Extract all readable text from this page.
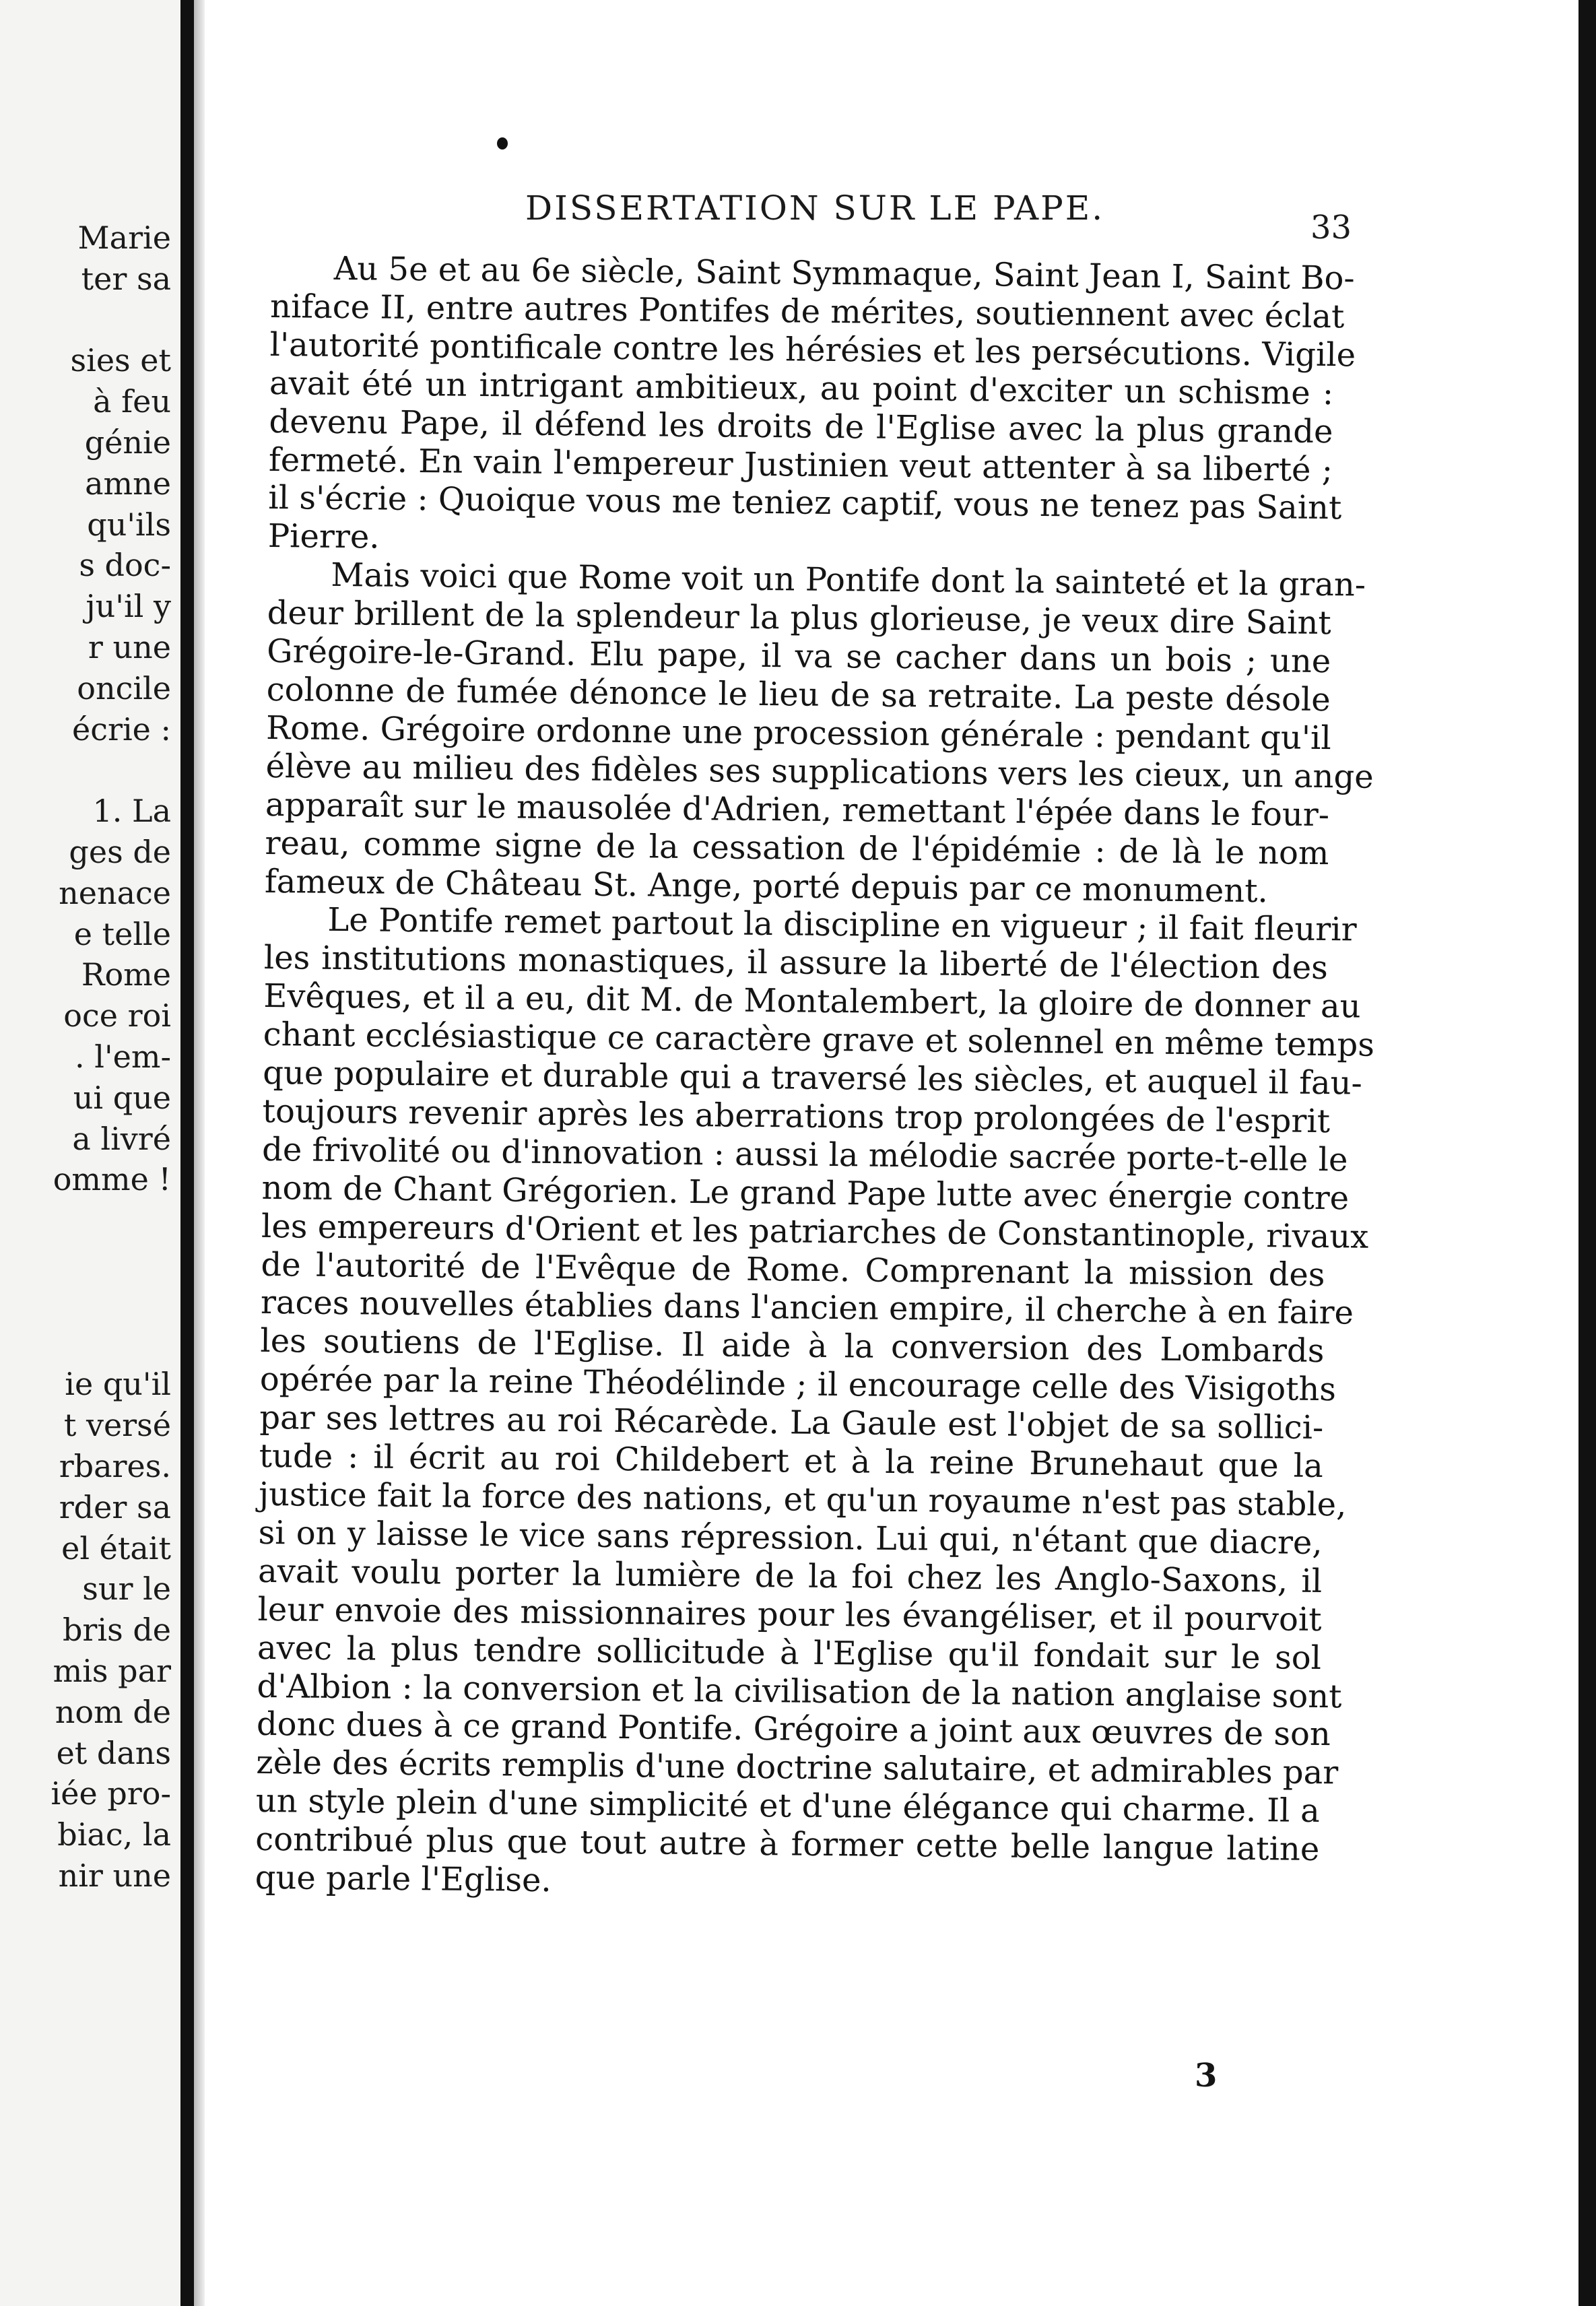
Marie
ter sa
sies et
à feu
génie
amne
qu'ils
s doc-
ju'il y
r une
oncile
écrie :
1. La
ges de
nenace
e telle
Rome
oce roi
. l'em-
ui que
a livré
omme !
ie qu'il
t versé
rbares.
rder sa
el était
sur le
bris de
mis par
nom de
et dans
iée pro-
biac, la
nir une
DISSERTATION SUR LE PAPE.	33

Au 5e et au 6e siècle, Saint Symmaque, Saint Jean I, Saint Bo-
niface II, entre autres Pontifes de mérites, soutiennent avec éclat
l'autorité pontificale contre les hérésies et les persécutions. Vigile
avait été un intrigant ambitieux, au point d'exciter un schisme :
devenu Pape, il défend les droits de l'Eglise avec la plus grande
fermeté. En vain l'empereur Justinien veut attenter à sa liberté ;
il s'écrie : Quoique vous me teniez captif, vous ne tenez pas Saint
Pierre.

Mais voici que Rome voit un Pontife dont la sainteté et la gran-
deur brillent de la splendeur la plus glorieuse, je veux dire Saint
Grégoire-le-Grand. Elu pape, il va se cacher dans un bois ; une
colonne de fumée dénonce le lieu de sa retraite. La peste désole
Rome. Grégoire ordonne une procession générale : pendant qu'il
élève au milieu des fidèles ses supplications vers les cieux, un ange
apparaît sur le mausolée d'Adrien, remettant l'épée dans le four-
reau, comme signe de la cessation de l'épidémie : de là le nom
fameux de Château St. Ange, porté depuis par ce monument.

Le Pontife remet partout la discipline en vigueur ; il fait fleurir
les institutions monastiques, il assure la liberté de l'élection des
Evêques, et il a eu, dit M. de Montalembert, la gloire de donner au
chant ecclésiastique ce caractère grave et solennel en même temps
que populaire et durable qui a traversé les siècles, et auquel il fau-
toujours revenir après les aberrations trop prolongées de l'esprit
de frivolité ou d'innovation : aussi la mélodie sacrée porte-t-elle le
nom de Chant Grégorien. Le grand Pape lutte avec énergie contre
les empereurs d'Orient et les patriarches de Constantinople, rivaux
de l'autorité de l'Evêque de Rome. Comprenant la mission des
races nouvelles établies dans l'ancien empire, il cherche à en faire
les soutiens de l'Eglise. Il aide à la conversion des Lombards
opérée par la reine Théodélinde ; il encourage celle des Visigoths
par ses lettres au roi Récarède. La Gaule est l'objet de sa sollici-
tude : il écrit au roi Childebert et à la reine Brunehaut que la
justice fait la force des nations, et qu'un royaume n'est pas stable,
si on y laisse le vice sans répression. Lui qui, n'étant que diacre,
avait voulu porter la lumière de la foi chez les Anglo-Saxons, il
leur envoie des missionnaires pour les évangéliser, et il pourvoit
avec la plus tendre sollicitude à l'Eglise qu'il fondait sur le sol
d'Albion : la conversion et la civilisation de la nation anglaise sont
donc dues à ce grand Pontife. Grégoire a joint aux œuvres de son
zèle des écrits remplis d'une doctrine salutaire, et admirables par
un style plein d'une simplicité et d'une élégance qui charme. Il a
contribué plus que tout autre à former cette belle langue latine
que parle l'Eglise.

3
